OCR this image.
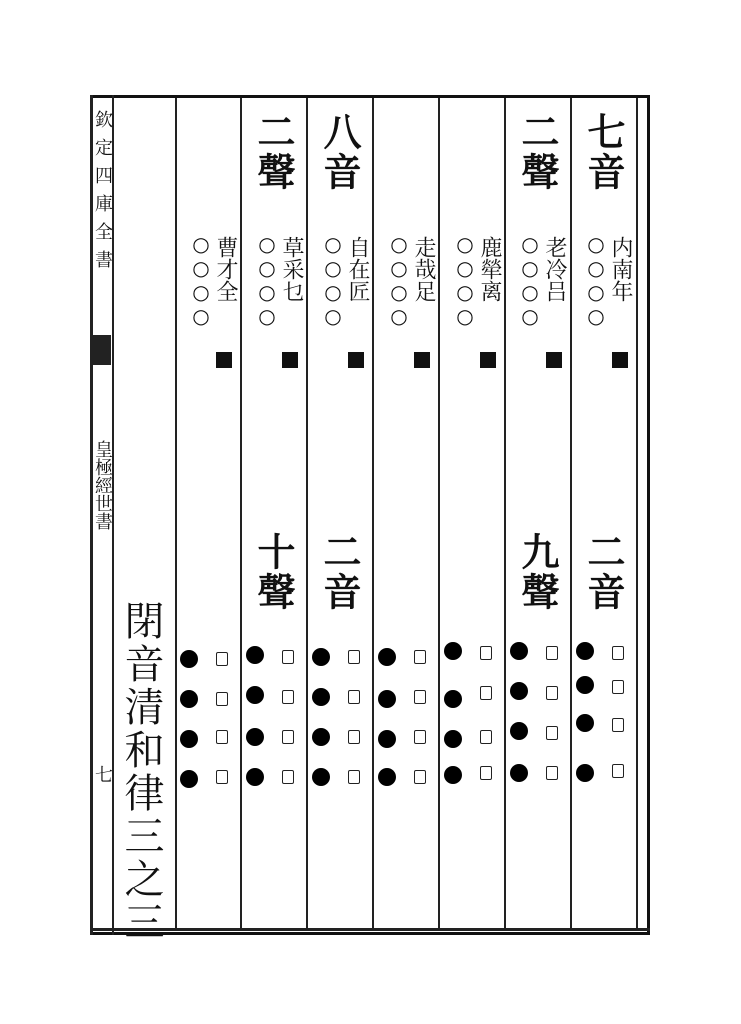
欽定四庫全書
皇極經世書
七 閉音清和律三之三
七音
○○○○
内南年
二音
二聲
○○○○
老冷吕
九聲
○○○○
鹿犖离
○○○○
走哉足
八音
○○○○
自在匠
二音
二聲
○○○○
草采乜
十聲
○○○○
曹才全
